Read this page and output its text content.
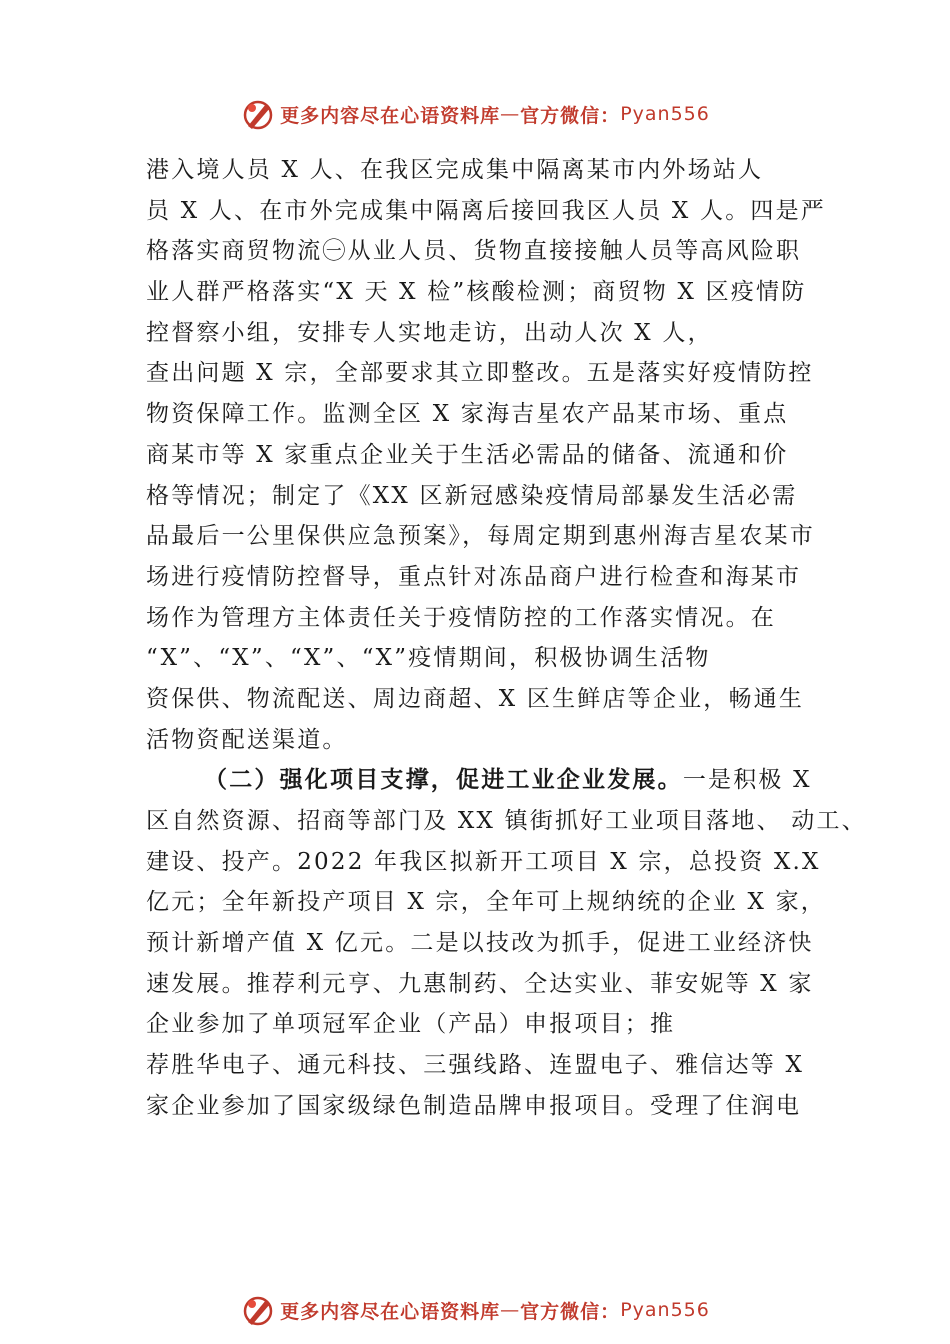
更多内容尽在心语资料库 — 官方微信： Pyan556
港入境人员 X 人、在我区完成集中隔离某市内外场站人
员 X 人、在市外完成集中隔离后接回我区人员 X 人。四是严
格落实商贸物流㊀从业人员、货物直接接触人员等高风险职
业人群严格落实“X 天 X 检”核酸检测；商贸物 X 区疫情防
控督察小组，安排专人实地走访，出动人次 X 人，
查出问题 X 宗，全部要求其立即整改。五是落实好疫情防控
物资保障工作。监测全区 X 家海吉星农产品某市场、重点
商某市等 X 家重点企业关于生活必需品的储备、流通和价
格等情况；制定了《XX 区新冠感染疫情局部暴发生活必需
品最后一公里保供应急预案》，每周定期到惠州海吉星农某市
场进行疫情防控督导，重点针对冻品商户进行检查和海某市
场作为管理方主体责任关于疫情防控的工作落实情况。在
“X”、“X”、“X”、“X”疫情期间，积极协调生活物
资保供、物流配送、周边商超、X 区生鲜店等企业，畅通生
活物资配送渠道。
（二）强化项目支撑，促进工业企业发展。一是积极 X
区自然资源、招商等部门及 XX 镇街抓好工业项目落地、 动工、
建设、投产。2022 年我区拟新开工项目 X 宗，总投资 X.X
亿元；全年新投产项目 X 宗，全年可上规纳统的企业 X 家，
预计新增产值 X 亿元。二是以技改为抓手，促进工业经济快
速发展。推荐利元亨、九惠制药、仝达实业、菲安妮等 X 家
企业参加了单项冠军企业（产品）申报项目；推
荐胜华电子、通元科技、三强线路、连盟电子、雅信达等 X
家企业参加了国家级绿色制造品牌申报项目。受理了住润电
更多内容尽在心语资料库 — 官方微信： Pyan556
